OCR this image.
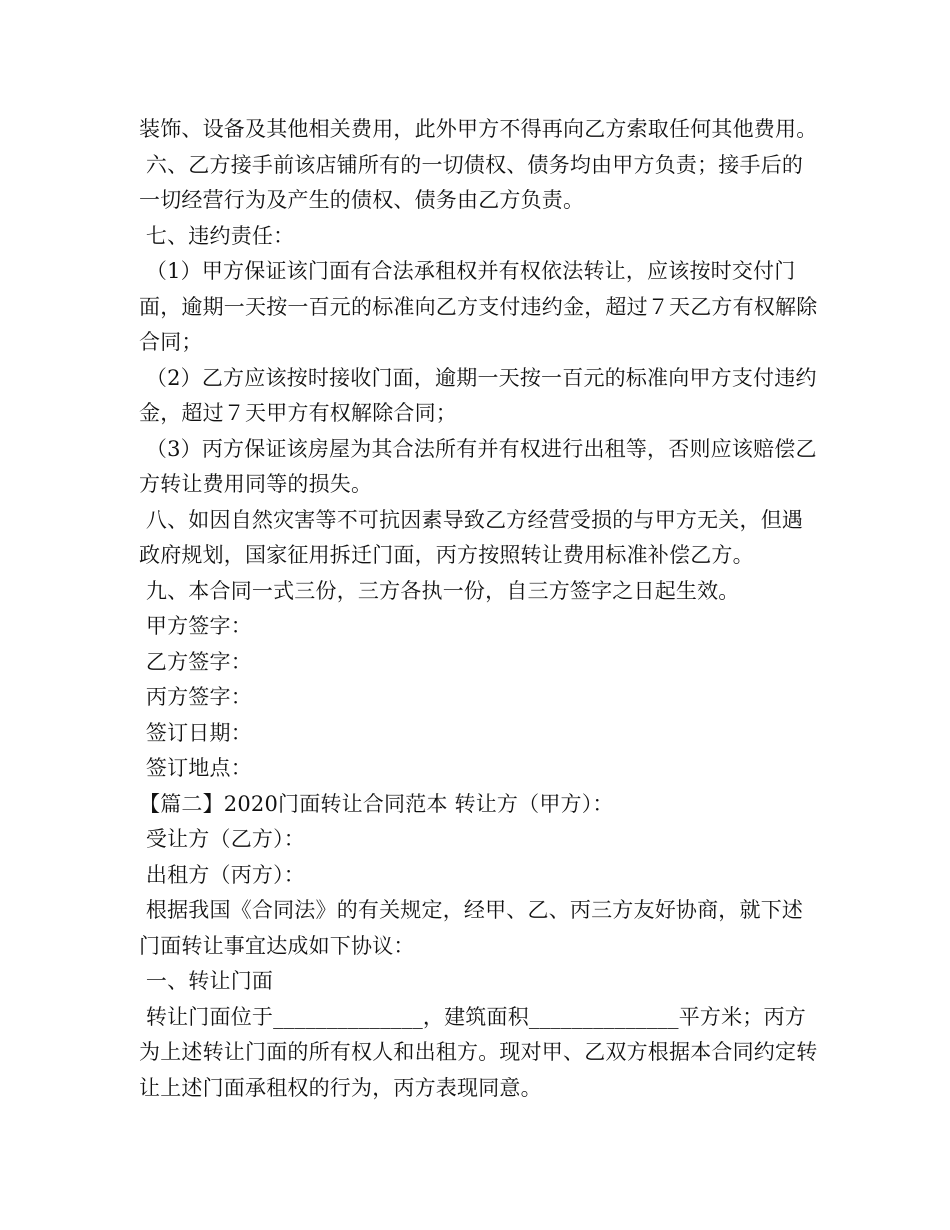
装饰、设备及其他相关费用，此外甲方不得再向乙方索取任何其他费用。

六、乙方接手前该店铺所有的一切债权、债务均由甲方负责；接手后的一切经营行为及产生的债权、债务由乙方负责。

七、违约责任：

（1）甲方保证该门面有合法承租权并有权依法转让，应该按时交付门面，逾期一天按一百元的标准向乙方支付违约金，超过７天乙方有权解除合同；

（2）乙方应该按时接收门面，逾期一天按一百元的标准向甲方支付违约金，超过７天甲方有权解除合同；

（3）丙方保证该房屋为其合法所有并有权进行出租等，否则应该赔偿乙方转让费用同等的损失。

八、如因自然灾害等不可抗因素导致乙方经营受损的与甲方无关，但遇政府规划，国家征用拆迁门面，丙方按照转让费用标准补偿乙方。

九、本合同一式三份，三方各执一份，自三方签字之日起生效。

甲方签字：

乙方签字：

丙方签字：

签订日期：

签订地点：

【篇二】2020门面转让合同范本 转让方（甲方）：

受让方（乙方）：

出租方（丙方）：

根据我国《合同法》的有关规定，经甲、乙、丙三方友好协商，就下述门面转让事宜达成如下协议：

一、转让门面

转让门面位于______________，建筑面积______________平方米；丙方为上述转让门面的所有权人和出租方。现对甲、乙双方根据本合同约定转让上述门面承租权的行为，丙方表现同意。
